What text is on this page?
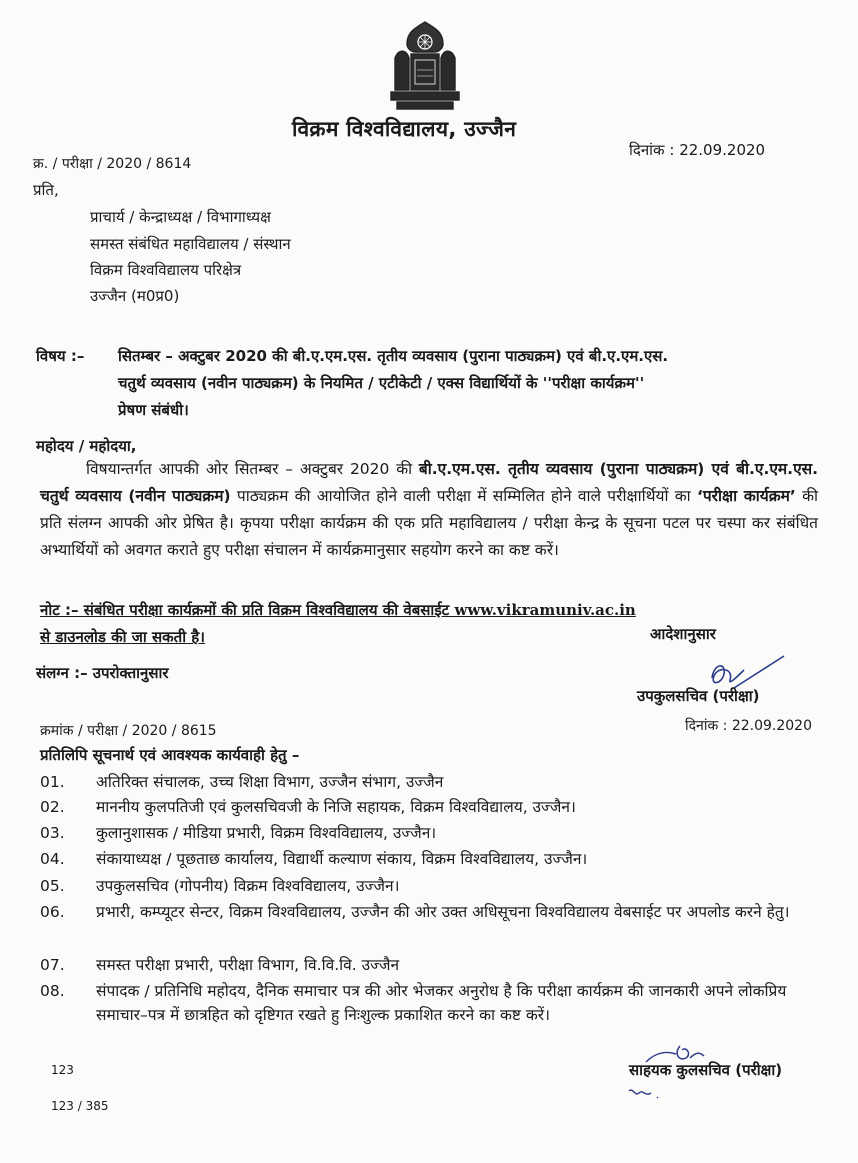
विक्रम विश्वविद्यालय, उज्जैन
दिनांक : 22.09.2020
क्र. / परीक्षा / 2020 / 8614
प्रति,
प्राचार्य / केन्द्राध्यक्ष / विभागाध्यक्ष
समस्त संबंधित महाविद्यालय / संस्थान
विक्रम विश्वविद्यालय परिक्षेत्र
उज्जैन (म0प्र0)
विषय :– सितम्बर – अक्टुबर 2020 की बी.ए.एम.एस. तृतीय व्यवसाय (पुराना पाठ्यक्रम) एवं बी.ए.एम.एस.
चतुर्थ व्यवसाय (नवीन पाठ्यक्रम) के नियमित / एटीकेटी / एक्स विद्यार्थियों के ''परीक्षा कार्यक्रम''
प्रेषण संबंधी।
महोदय / महोदया,
विषयान्तर्गत आपकी ओर सितम्बर – अक्टुबर 2020 की बी.ए.एम.एस. तृतीय व्यवसाय (पुराना पाठ्यक्रम) एवं बी.ए.एम.एस. चतुर्थ व्यवसाय (नवीन पाठ्यक्रम) पाठ्यक्रम की आयोजित होने वाली परीक्षा में सम्मिलित होने वाले परीक्षार्थियों का ‘परीक्षा कार्यक्रम’ की प्रति संलग्न आपकी ओर प्रेषित है। कृपया परीक्षा कार्यक्रम की एक प्रति महाविद्यालय / परीक्षा केन्द्र के सूचना पटल पर चस्पा कर संबंधित अभ्यार्थियों को अवगत कराते हुए परीक्षा संचालन में कार्यक्रमानुसार सहयोग करने का कष्ट करें।
नोट :– संबंधित परीक्षा कार्यक्रमों की प्रति विक्रम विश्वविद्यालय की वेबसाईट www.vikramuniv.ac.in
से डाउनलोड की जा सकती है।	आदेशानुसार
संलग्न :– उपरोक्तानुसार
उपकुलसचिव (परीक्षा)
दिनांक : 22.09.2020
क्रमांक / परीक्षा / 2020 / 8615
प्रतिलिपि सूचनार्थ एवं आवश्यक कार्यवाही हेतु –
01.	अतिरिक्त संचालक, उच्च शिक्षा विभाग, उज्जैन संभाग, उज्जैन
02.	माननीय कुलपतिजी एवं कुलसचिवजी के निजि सहायक, विक्रम विश्वविद्यालय, उज्जैन।
03.	कुलानुशासक / मीडिया प्रभारी, विक्रम विश्वविद्यालय, उज्जैन।
04.	संकायाध्यक्ष / पूछताछ कार्यालय, विद्यार्थी कल्याण संकाय, विक्रम विश्वविद्यालय, उज्जैन।
05.	उपकुलसचिव (गोपनीय) विक्रम विश्वविद्यालय, उज्जैन।
06.	प्रभारी, कम्प्यूटर सेन्टर, विक्रम विश्वविद्यालय, उज्जैन की ओर उक्त अधिसूचना विश्वविद्यालय वेबसाईट पर अपलोड करने हेतु।
07.	समस्त परीक्षा प्रभारी, परीक्षा विभाग, वि.वि.वि. उज्जैन
08.	संपादक / प्रतिनिधि महोदय, दैनिक समाचार पत्र की ओर भेजकर अनुरोध है कि परीक्षा कार्यक्रम की जानकारी अपने लोकप्रिय समाचार–पत्र में छात्रहित को दृष्टिगत रखते हु निःशुल्क प्रकाशित करने का कष्ट करें।
साहयक कुलसचिव (परीक्षा)
123
123 / 385
